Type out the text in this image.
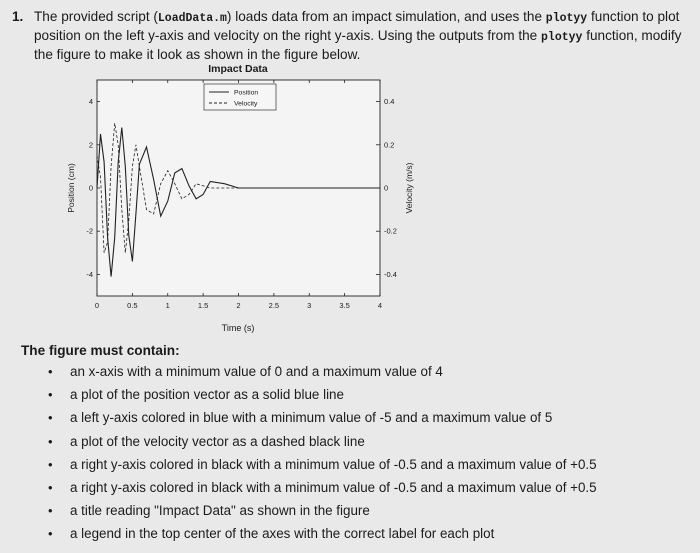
1. The provided script (LoadData.m) loads data from an impact simulation, and uses the plotyy function to plot position on the left y-axis and velocity on the right y-axis. Using the outputs from the plotyy function, modify the figure to make it look as shown in the figure below.
Impact Data
0	0.5	1	1.5	2	2.5	3	3.5	4
-4
-2
0
2
4
-0.4
-0.2
0
0.2
0.4
Position
Velocity
Time (s)
Position (cm)	Velocity (m/s)
The figure must contain:
• an x-axis with a minimum value of 0 and a maximum value of 4
• a plot of the position vector as a solid blue line
• a left y-axis colored in blue with a minimum value of -5 and a maximum value of 5
• a plot of the velocity vector as a dashed black line
• a right y-axis colored in black with a minimum value of -0.5 and a maximum value of +0.5
• a right y-axis colored in black with a minimum value of -0.5 and a maximum value of +0.5
• a title reading "Impact Data" as shown in the figure
• a legend in the top center of the axes with the correct label for each plot
